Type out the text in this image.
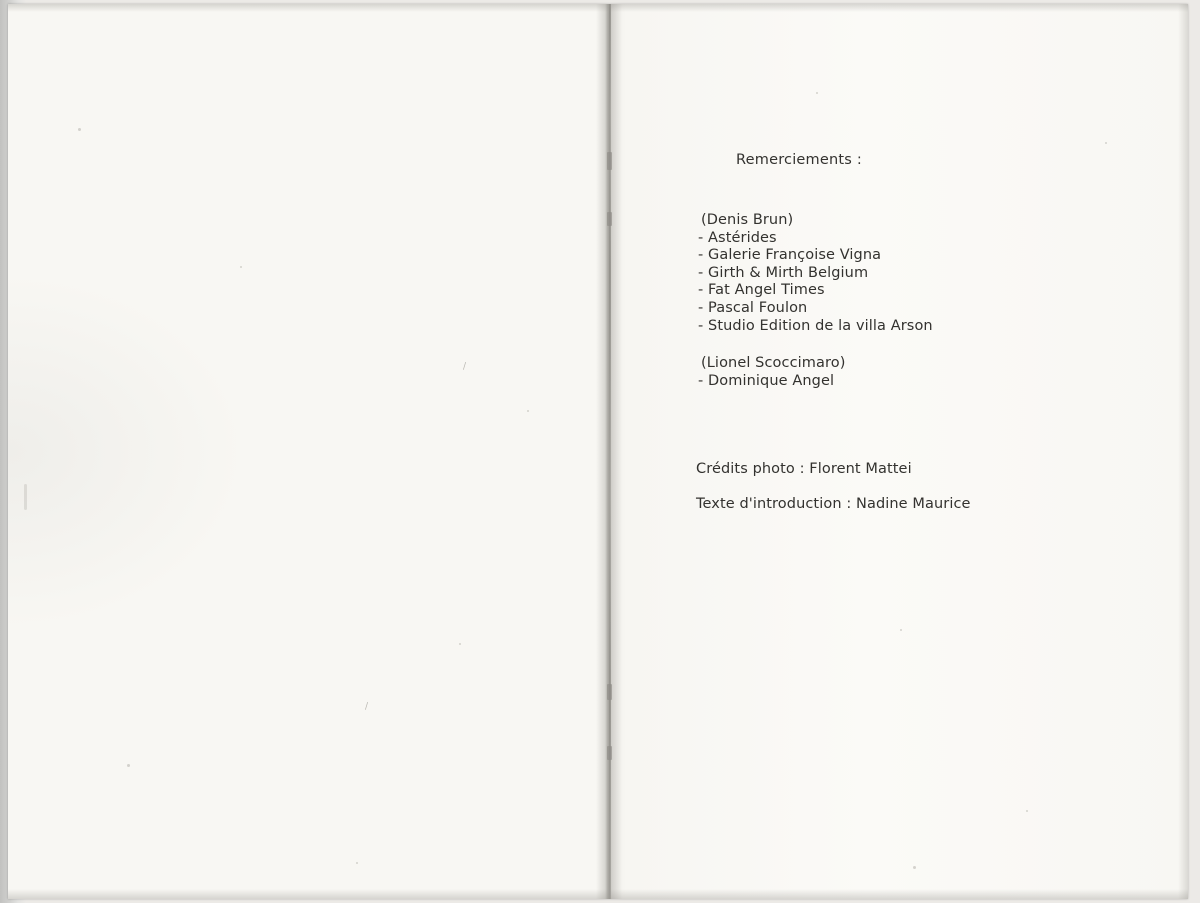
/
/
Remerciements :
(Denis Brun)
- Astérides
- Galerie Françoise Vigna
- Girth & Mirth Belgium
- Fat Angel Times
- Pascal Foulon
- Studio Edition de la villa Arson
(Lionel Scoccimaro)
- Dominique Angel
Crédits photo : Florent Mattei
Texte d'introduction : Nadine Maurice
